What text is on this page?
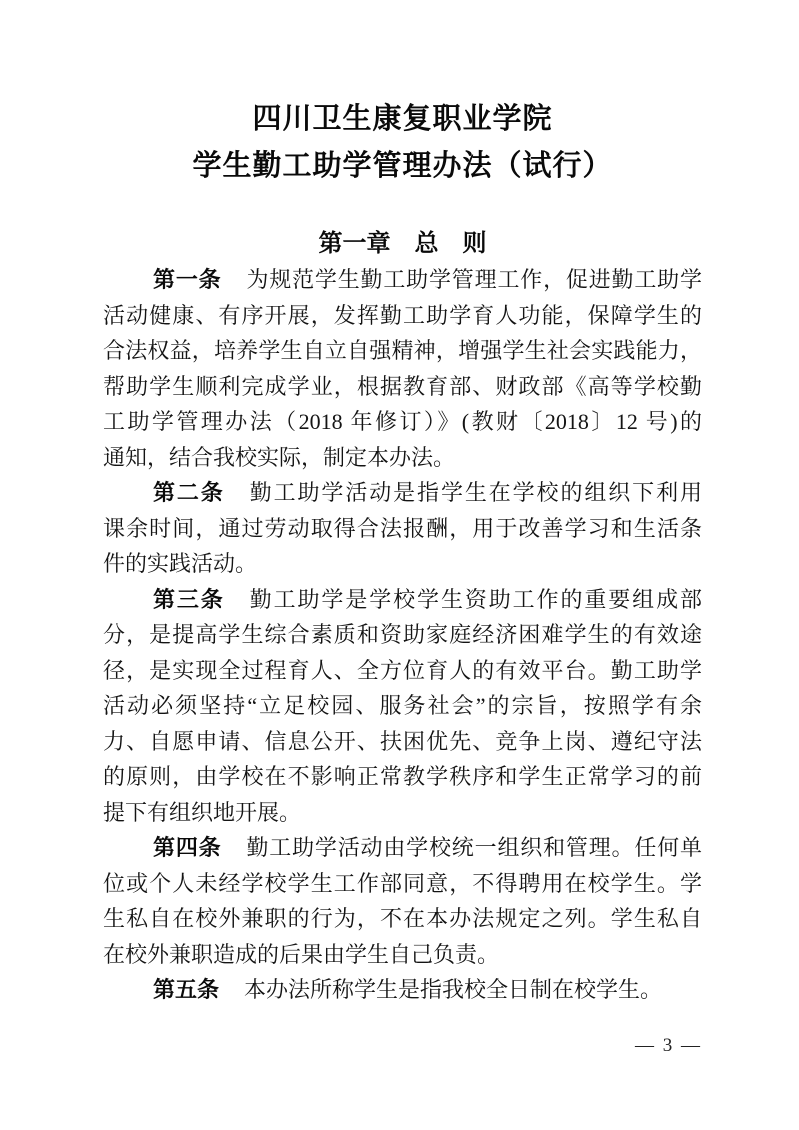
四川卫生康复职业学院
学生勤工助学管理办法（试行）
第一章　总　则
第一条 为规范学生勤工助学管理工作，促进勤工助学
活动健康、有序开展，发挥勤工助学育人功能，保障学生的
合法权益，培养学生自立自强精神，增强学生社会实践能力，
帮助学生顺利完成学业，根据教育部、财政部《高等学校勤
工助学管理办法（2018 年修订）》(教财〔2018〕12 号)的
通知，结合我校实际，制定本办法。
第二条 勤工助学活动是指学生在学校的组织下利用
课余时间，通过劳动取得合法报酬，用于改善学习和生活条
件的实践活动。
第三条 勤工助学是学校学生资助工作的重要组成部
分，是提高学生综合素质和资助家庭经济困难学生的有效途
径，是实现全过程育人、全方位育人的有效平台。勤工助学
活动必须坚持“立足校园、服务社会”的宗旨，按照学有余
力、自愿申请、信息公开、扶困优先、竞争上岗、遵纪守法
的原则，由学校在不影响正常教学秩序和学生正常学习的前
提下有组织地开展。
第四条 勤工助学活动由学校统一组织和管理。任何单
位或个人未经学校学生工作部同意，不得聘用在校学生。学
生私自在校外兼职的行为，不在本办法规定之列。学生私自
在校外兼职造成的后果由学生自己负责。
第五条 本办法所称学生是指我校全日制在校学生。
— 3 —
